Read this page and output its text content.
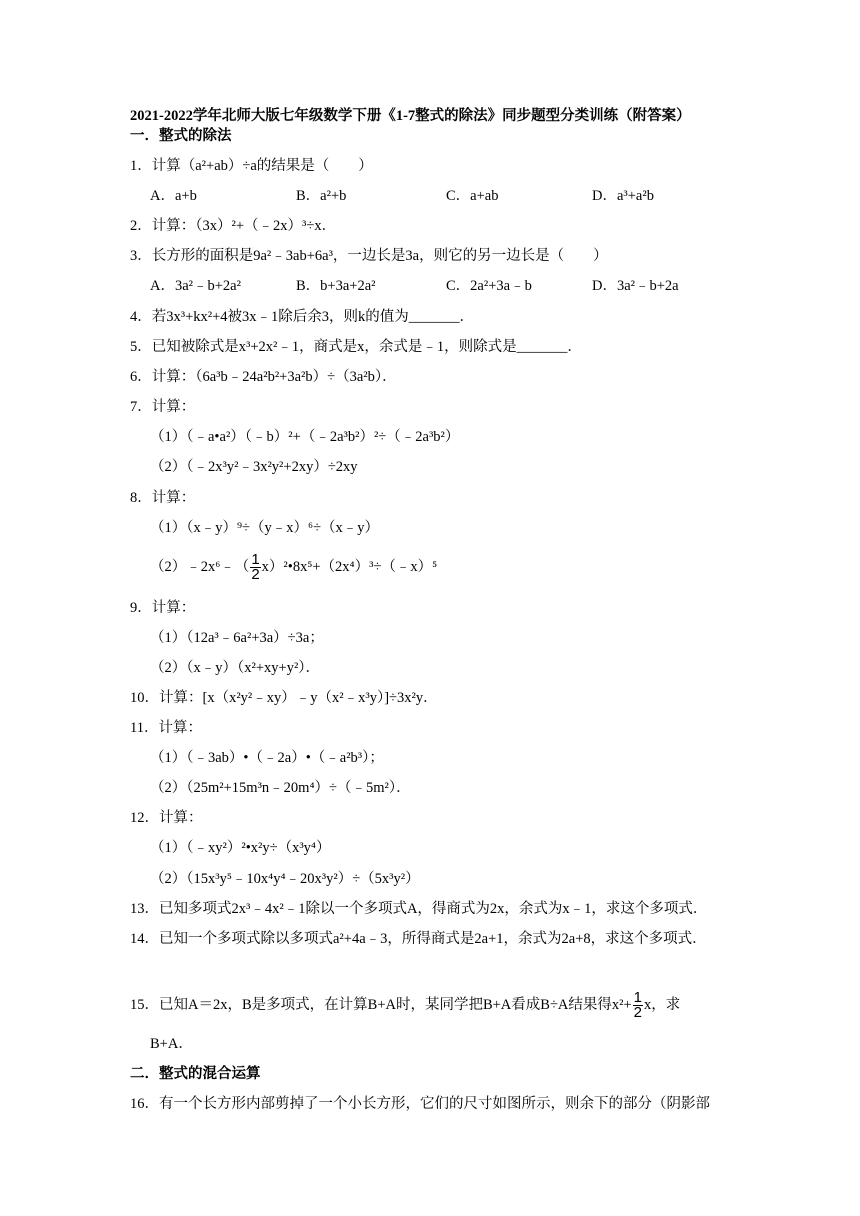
2021-2022学年北师大版七年级数学下册《1-7整式的除法》同步题型分类训练（附答案）
一．整式的除法
1．计算（a²+ab）÷a的结果是（　　）
A．a+b	B．a²+b	C．a+ab	D．a³+a²b
2．计算：（3x）²+（﹣2x）³÷x．
3．长方形的面积是9a²﹣3ab+6a³，一边长是3a，则它的另一边长是（　　）
A．3a²﹣b+2a²	B．b+3a+2a²	C．2a²+3a﹣b	D．3a²﹣b+2a
4．若3x³+kx²+4被3x﹣1除后余3，则k的值为_______．
5．已知被除式是x³+2x²﹣1，商式是x，余式是﹣1，则除式是_______．
6．计算：（6a³b﹣24a²b²+3a²b）÷（3a²b）．
7．计算：
（1）（﹣a•a²）（﹣b）²+（﹣2a³b²）²÷（﹣2a³b²）
（2）（﹣2x³y²﹣3x²y²+2xy）÷2xy
8．计算：
（1）（x﹣y）⁹÷（y﹣x）⁶÷（x﹣y）
（2）﹣2x⁶﹣（ $\frac{1}{2}$ x）²•8x⁵+（2x⁴）³÷（﹣x）⁵
9．计算：
（1）（12a³﹣6a²+3a）÷3a；
（2）（x﹣y）（x²+xy+y²）．
10．计算：[x（x²y²﹣xy）﹣y（x²﹣x³y）]÷3x²y．
11．计算：
（1）（﹣3ab）•（﹣2a）•（﹣a²b³）；
（2）（25m²+15m³n﹣20m⁴）÷（﹣5m²）．
12．计算：
（1）（﹣xy²）²•x²y÷（x³y⁴）
（2）（15x³y⁵﹣10x⁴y⁴﹣20x³y²）÷（5x³y²）
13．已知多项式2x³﹣4x²﹣1除以一个多项式A，得商式为2x，余式为x﹣1，求这个多项式．
14．已知一个多项式除以多项式a²+4a﹣3，所得商式是2a+1，余式为2a+8，求这个多项式．
15．已知A＝2x，B是多项式，在计算B+A时，某同学把B+A看成B÷A结果得$x^2+ \frac{1}{2}$ x，求
B+A．
二．整式的混合运算
16．有一个长方形内部剪掉了一个小长方形，它们的尺寸如图所示，则余下的部分（阴影部
